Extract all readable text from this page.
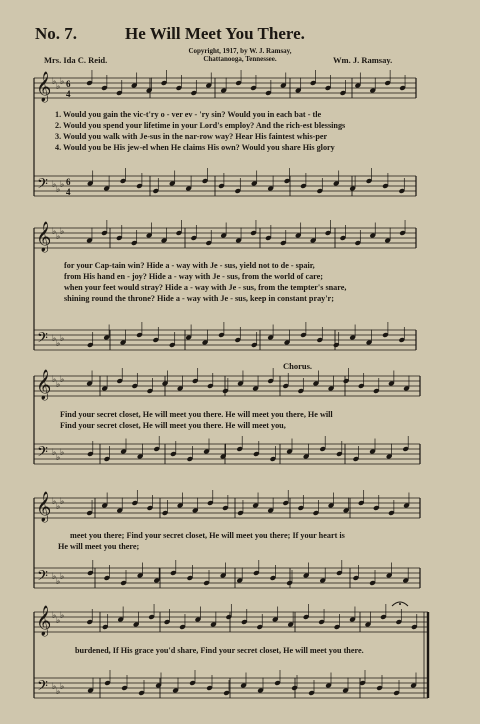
No. 7.	He Will Meet You There.
Copyright, 1917, by W. J. Ramsay,
Chattanooga, Tennessee.
Mrs. Ida C. Reid.	Wm. J. Ramsay.
𝄞
𝄢
♭ ♭ ♭
♭ ♭ ♭
6
4
6
4
𝄞
𝄢
♭ ♭ ♭
♭ ♭ ♭
𝄞
𝄢
♭ ♭ ♭
♭ ♭ ♭
𝄞
𝄢
♭ ♭ ♭
♭ ♭ ♭
𝄞
𝄢
♭ ♭ ♭
♭ ♭ ♭
Chorus.
1. Would you gain the vic-t'ry o - ver ev - 'ry sin? Would you in each bat - tle
2. Would you spend your lifetime in your Lord's employ? And the rich-est blessings
3. Would you walk with Je-sus in the nar-row way? Hear His faintest whis-per
4. Would you be His jew-el when He claims His own? Would you share His glory
for your Cap-tain win? Hide a - way with Je - sus, yield not to de - spair,
from His hand en - joy? Hide a - way with Je - sus, from the world of care;
when your feet would stray? Hide a - way with Je - sus, from the tempter's snare,
shining round the throne? Hide a - way with Je - sus, keep in constant pray'r;
Find your secret closet, He will meet you there. He will meet you there, He will
Find your secret closet, He will meet you there. He will meet you,
meet you there; Find your secret closet, He will meet you there; If your heart is
He will meet you there;
burdened, If His grace you'd share, Find your secret closet, He will meet you there.
